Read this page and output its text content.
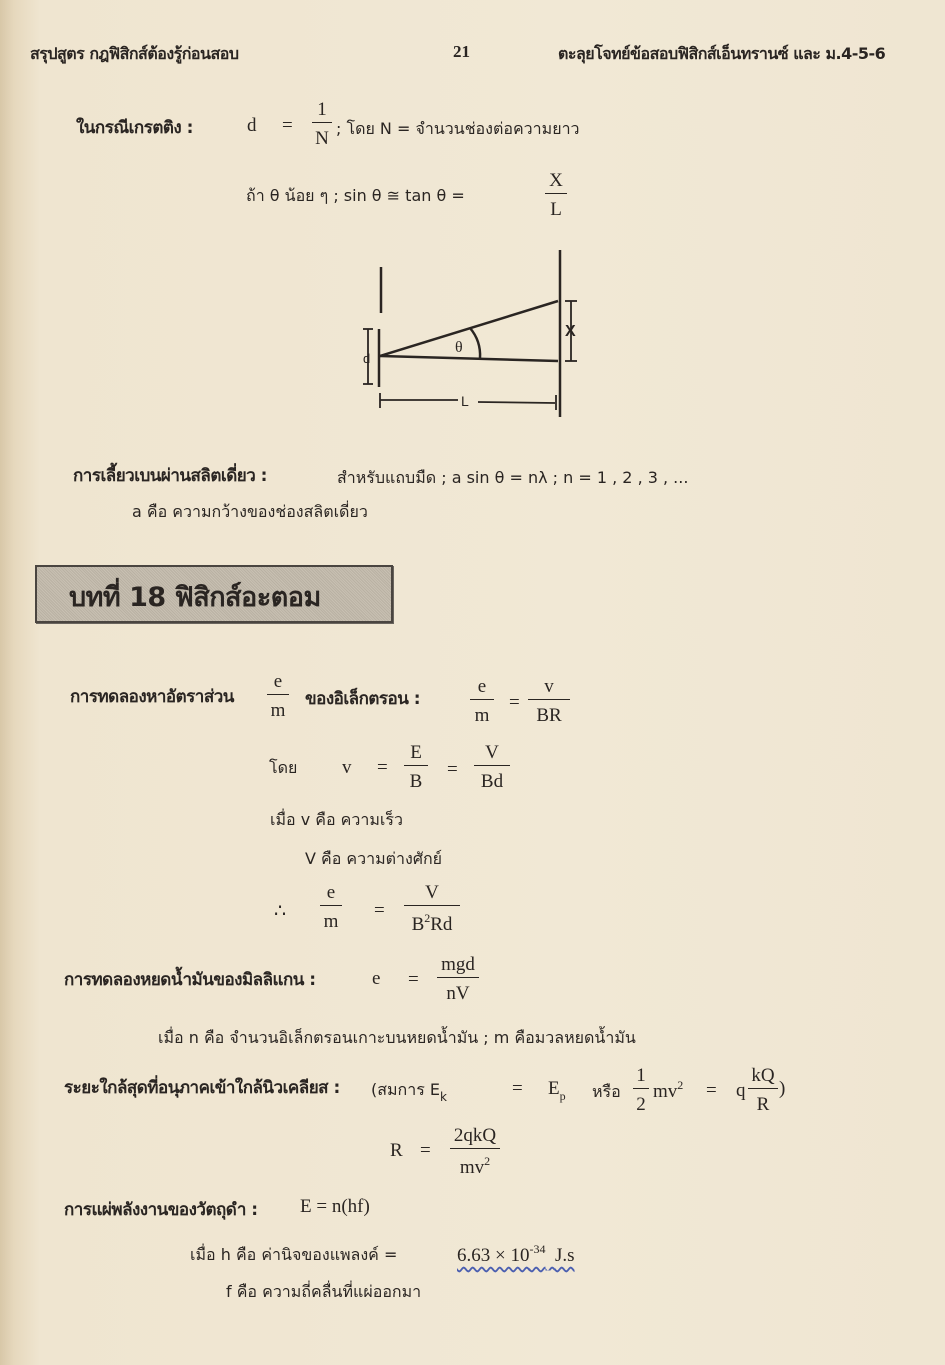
สรุปสูตร กฎฟิสิกส์ต้องรู้ก่อนสอบ	21	ตะลุยโจทย์ข้อสอบฟิสิกส์เอ็นทรานซ์ และ ม.4-5-6
ในกรณีเกรตติง :	d =
1
N ; โดย N = จำนวนช่องต่อความยาว
ถ้า θ น้อย ๆ ; sin θ ≅ tan θ =
X
L
θ
X
d
L
การเลี้ยวเบนผ่านสลิตเดี่ยว :	สำหรับแถบมืด ; a sin θ = nλ ; n = 1 , 2 , 3 , ...
a คือ ความกว้างของช่องสลิตเดี่ยว
บทที่ 18 ฟิสิกส์อะตอม
การทดลองหาอัตราส่วน
e
m
ของอิเล็กตรอน :
e
m
=
v
BR
โดย v =
E
B
=
V
Bd
เมื่อ v คือ ความเร็ว
V คือ ความต่างศักย์
∴
e
m
=
V
$B^2Rd$
การทดลองหยดน้ำมันของมิลลิแกน :	e =
mgd
nV
เมื่อ n คือ จำนวนอิเล็กตรอนเกาะบนหยดน้ำมัน ; m คือมวลหยดน้ำมัน
ระยะใกล้สุดที่อนุภาคเข้าใกล้นิวเคลียส : (สมการ $E_k$	= $E_p$ หรือ
1
2
$mv^2 = q$
kQ
R
)
R =
2qkQ
$mv^2$
การแผ่พลังงานของวัตถุดำ : E = n(hf)
เมื่อ h คือ ค่านิจของแพลงค์ =	$6.63 \times 10^{-34}$ J.s
f คือ ความถี่คลื่นที่แผ่ออกมา
